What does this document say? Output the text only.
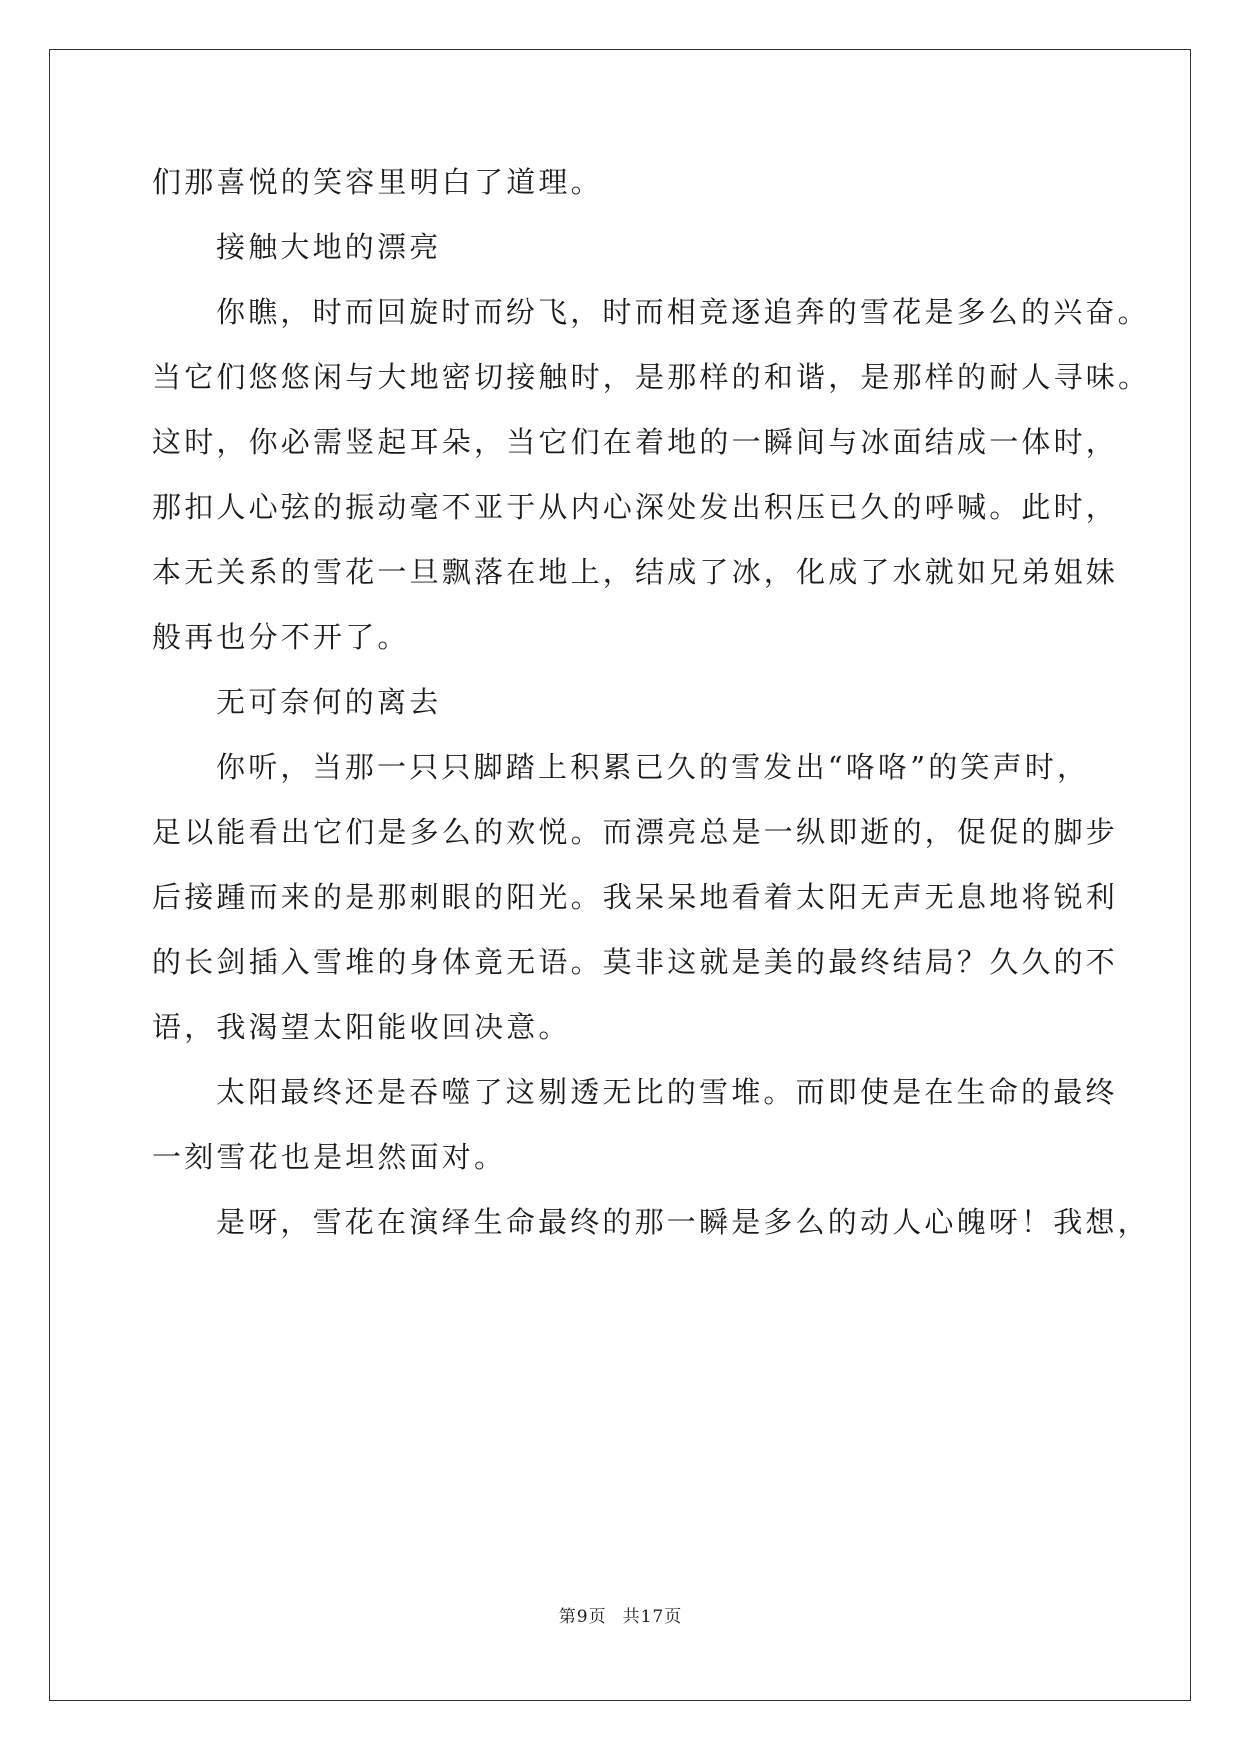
们那喜悦的笑容里明白了道理。
接触大地的漂亮
你瞧，时而回旋时而纷飞，时而相竞逐追奔的雪花是多么的兴奋。
当它们悠悠闲与大地密切接触时，是那样的和谐，是那样的耐人寻味。
这时，你必需竖起耳朵，当它们在着地的一瞬间与冰面结成一体时，
那扣人心弦的振动毫不亚于从内心深处发出积压已久的呼喊。此时，
本无关系的雪花一旦飘落在地上，结成了冰，化成了水就如兄弟姐妹
般再也分不开了。
无可奈何的离去
你听，当那一只只脚踏上积累已久的雪发出“咯咯”的笑声时，
足以能看出它们是多么的欢悦。而漂亮总是一纵即逝的，促促的脚步
后接踵而来的是那刺眼的阳光。我呆呆地看着太阳无声无息地将锐利
的长剑插入雪堆的身体竟无语。莫非这就是美的最终结局？久久的不
语，我渴望太阳能收回决意。
太阳最终还是吞噬了这剔透无比的雪堆。而即使是在生命的最终
一刻雪花也是坦然面对。
是呀，雪花在演绎生命最终的那一瞬是多么的动人心魄呀！我想，
第9页 共17页
